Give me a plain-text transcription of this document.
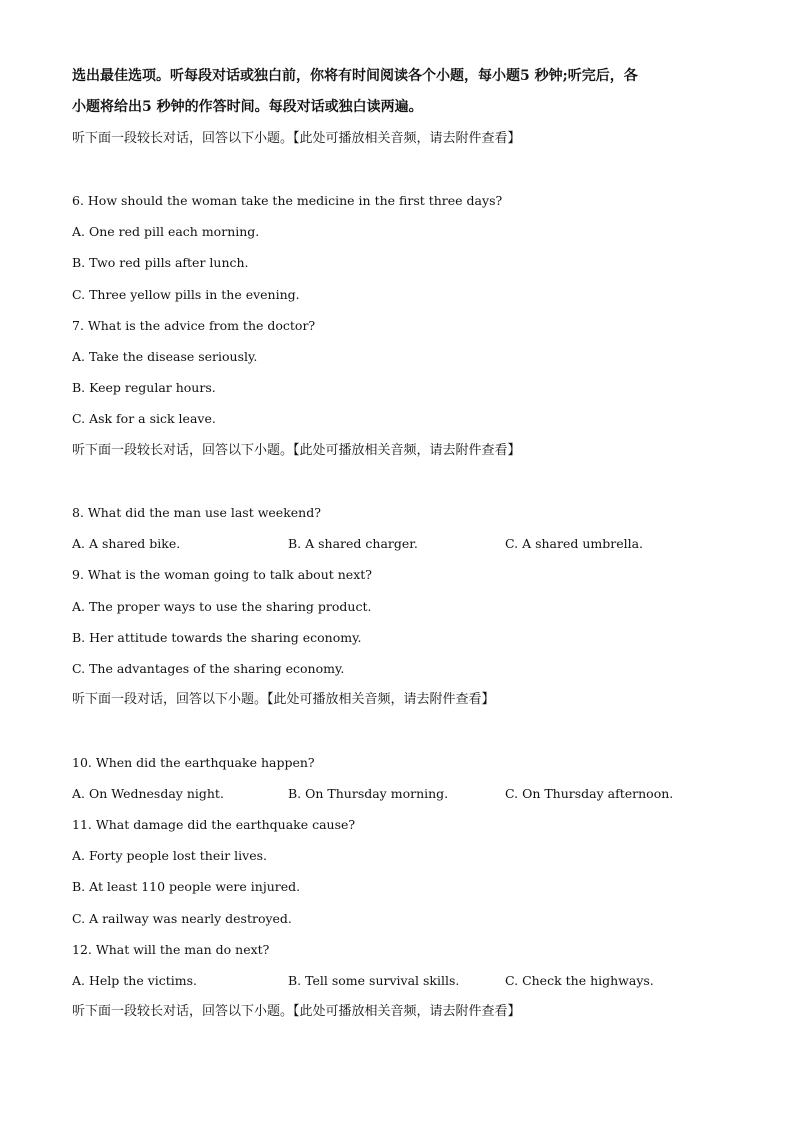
选出最佳选项。听每段对话或独白前，你将有时间阅读各个小题，每小题5 秒钟;听完后，各
小题将给出5 秒钟的作答时间。每段对话或独白读两遍。
听下面一段较长对话，回答以下小题。【此处可播放相关音频，请去附件查看】
6. How should the woman take the medicine in the first three days?
A. One red pill each morning.
B. Two red pills after lunch.
C. Three yellow pills in the evening.
7. What is the advice from the doctor?
A. Take the disease seriously.
B. Keep regular hours.
C. Ask for a sick leave.
听下面一段较长对话，回答以下小题。【此处可播放相关音频，请去附件查看】
8. What did the man use last weekend?
A. A shared bike.	B. A shared charger.	C. A shared umbrella.
9. What is the woman going to talk about next?
A. The proper ways to use the sharing product.
B. Her attitude towards the sharing economy.
C. The advantages of the sharing economy.
听下面一段对话，回答以下小题。【此处可播放相关音频，请去附件查看】
10. When did the earthquake happen?
A. On Wednesday night.	B. On Thursday morning.	C. On Thursday afternoon.
11. What damage did the earthquake cause?
A. Forty people lost their lives.
B. At least 110 people were injured.
C. A railway was nearly destroyed.
12. What will the man do next?
A. Help the victims.	B. Tell some survival skills.	C. Check the highways.
听下面一段较长对话，回答以下小题。【此处可播放相关音频，请去附件查看】
